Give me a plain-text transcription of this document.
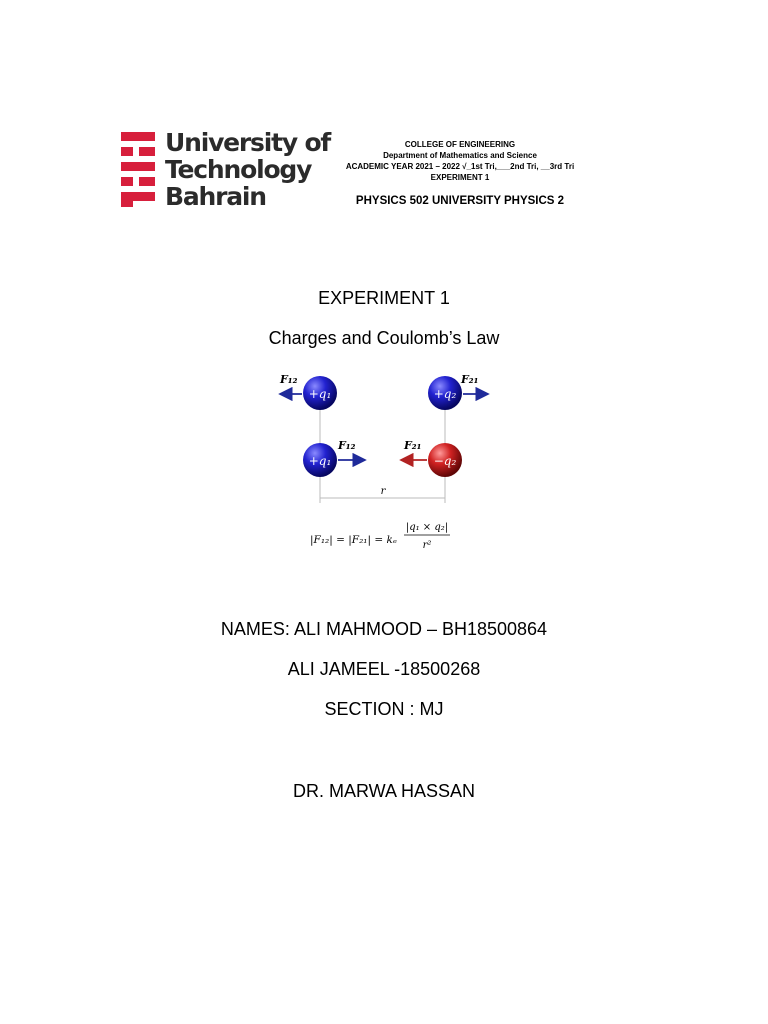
University of
Technology
Bahrain
COLLEGE OF ENGINEERING
Department of Mathematics and Science
ACADEMIC YEAR 2021 – 2022 √_1st Tri,___2nd Tri, __3rd Tri
EXPERIMENT 1
PHYSICS 502 UNIVERSITY PHYSICS 2
EXPERIMENT 1
Charges and Coulomb’s Law
+q₁
F₁₂
+q₂
F₂₁
+q₁
F₁₂	F₂₁
−q₂
r
|F₁₂| = |F₂₁| = kₑ
|q₁ × q₂|
r²
NAMES: ALI MAHMOOD – BH18500864
ALI JAMEEL -18500268
SECTION : MJ
DR. MARWA HASSAN
